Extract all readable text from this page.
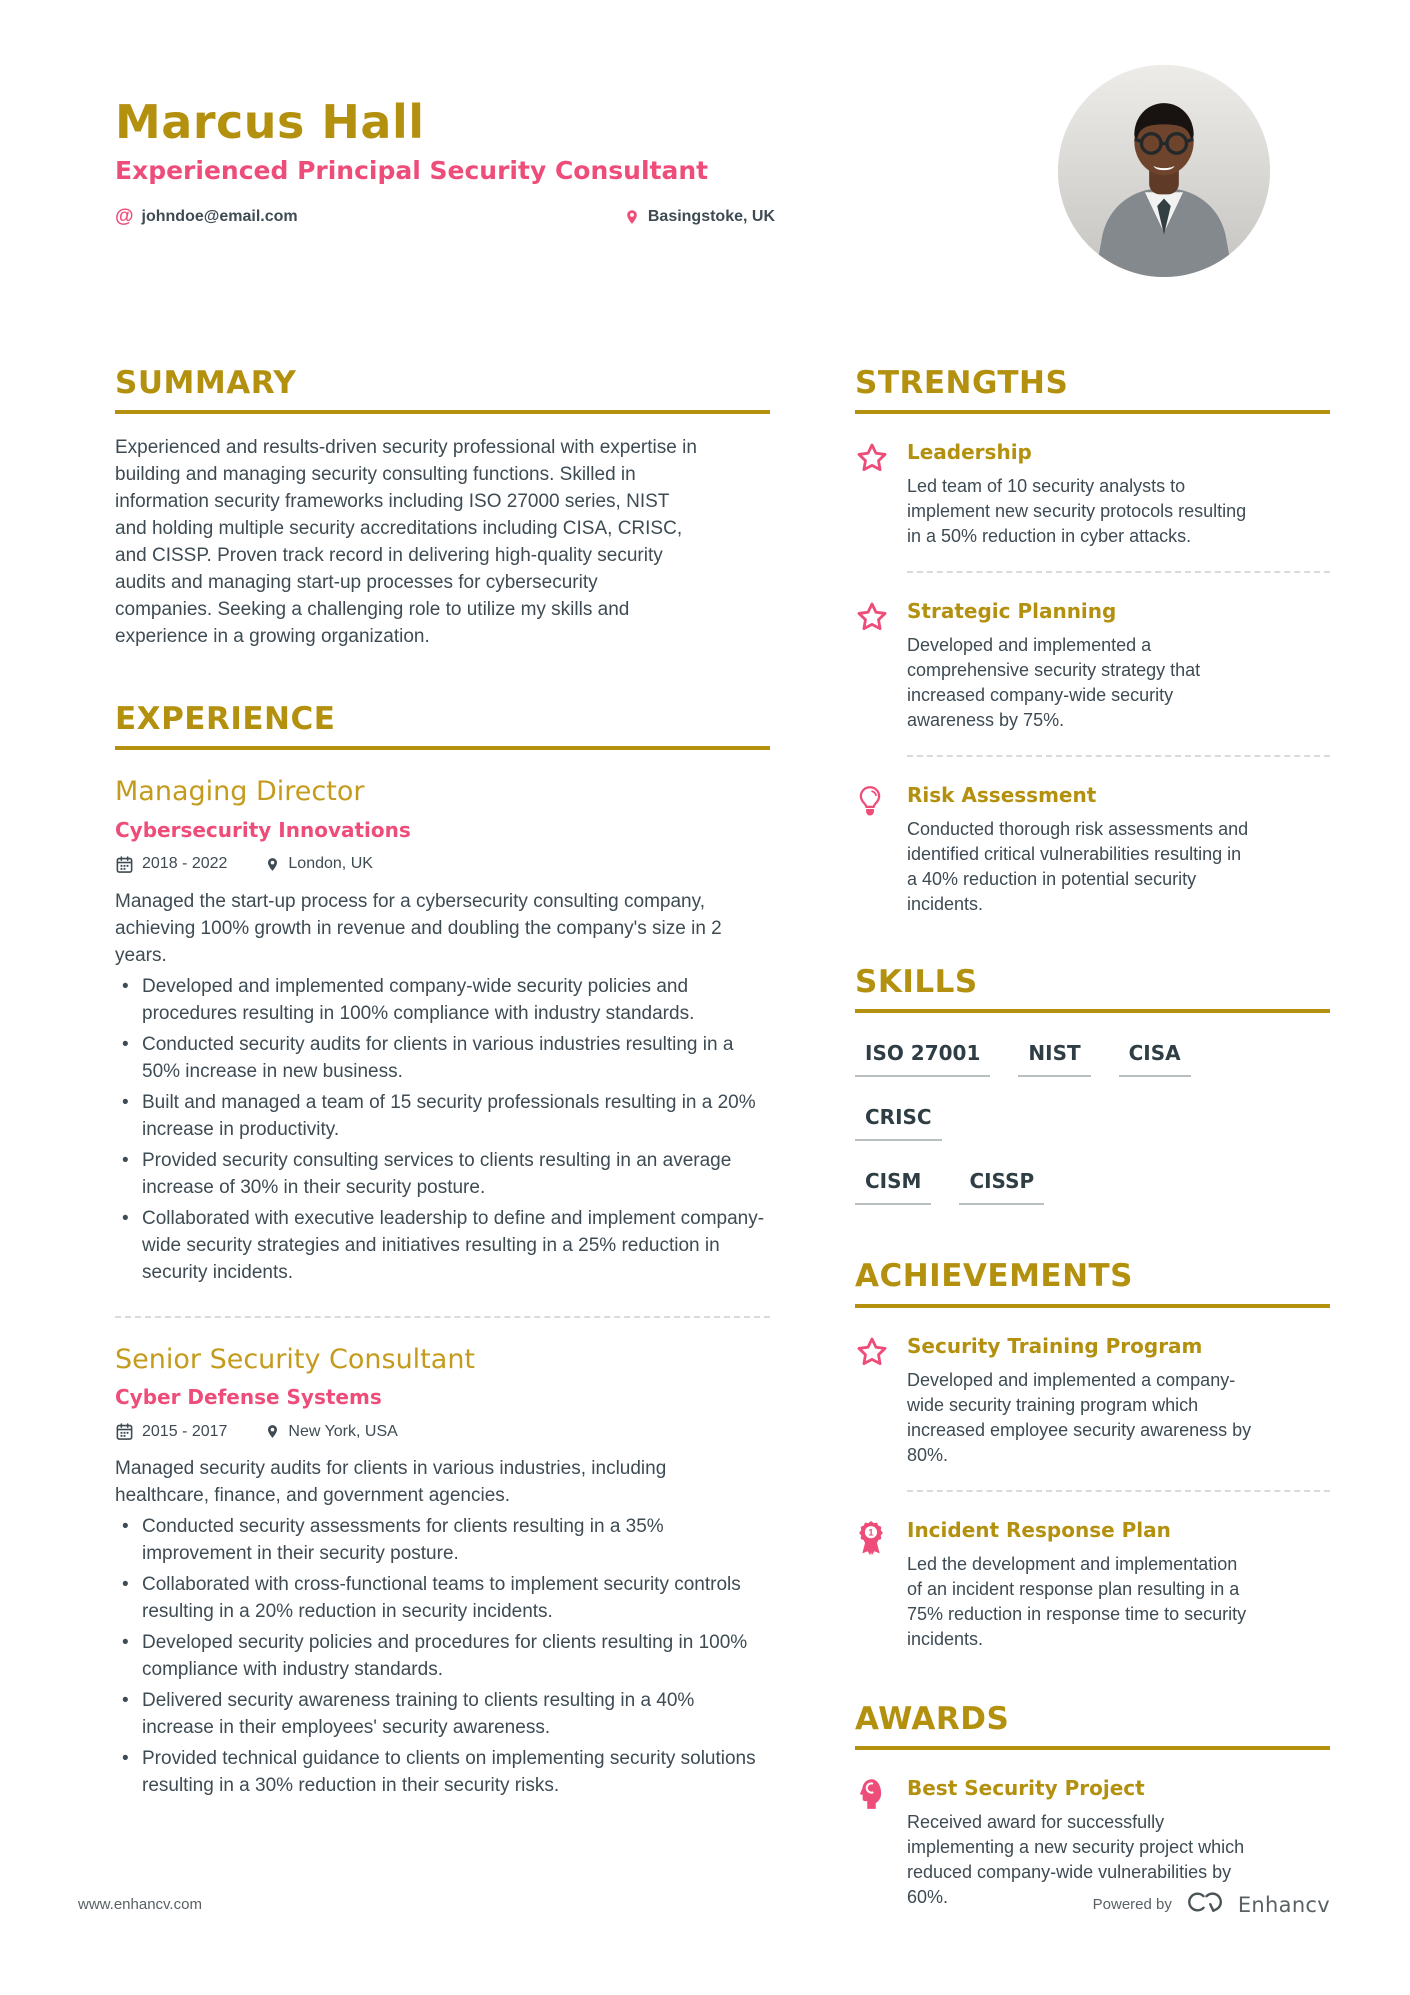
Marcus Hall
Experienced Principal Security Consultant
@ johndoe@email.com	Basingstoke, UK
SUMMARY

Experienced and results-driven security professional with expertise in building and managing security consulting functions. Skilled in information security frameworks including ISO 27000 series, NIST and holding multiple security accreditations including CISA, CRISC, and CISSP. Proven track record in delivering high-quality security audits and managing start-up processes for cybersecurity companies. Seeking a challenging role to utilize my skills and experience in a growing organization.

EXPERIENCE
Managing Director
Cybersecurity Innovations
2018 - 2022	London, UK

Managed the start-up process for a cybersecurity consulting company, achieving 100% growth in revenue and doubling the company's size in 2 years.

• Developed and implemented company-wide security policies and procedures resulting in 100% compliance with industry standards.
• Conducted security audits for clients in various industries resulting in a 50% increase in new business.
• Built and managed a team of 15 security professionals resulting in a 20% increase in productivity.
• Provided security consulting services to clients resulting in an average increase of 30% in their security posture.
• Collaborated with executive leadership to define and implement company-wide security strategies and initiatives resulting in a 25% reduction in security incidents.
Senior Security Consultant
Cyber Defense Systems
2015 - 2017	New York, USA

Managed security audits for clients in various industries, including healthcare, finance, and government agencies.

• Conducted security assessments for clients resulting in a 35% improvement in their security posture.
• Collaborated with cross-functional teams to implement security controls resulting in a 20% reduction in security incidents.
• Developed security policies and procedures for clients resulting in 100% compliance with industry standards.
• Delivered security awareness training to clients resulting in a 40% increase in their employees' security awareness.
• Provided technical guidance to clients on implementing security solutions resulting in a 30% reduction in their security risks.
STRENGTHS
Leadership

Led team of 10 security analysts to implement new security protocols resulting in a 50% reduction in cyber attacks.

Strategic Planning

Developed and implemented a comprehensive security strategy that increased company-wide security awareness by 75%.

Risk Assessment

Conducted thorough risk assessments and identified critical vulnerabilities resulting in a 40% reduction in potential security incidents.

SKILLS
ISO 27001	NIST	CISA
CRISC
CISM	CISSP
ACHIEVEMENTS
Security Training Program

Developed and implemented a company-wide security training program which increased employee security awareness by 80%.

1 Incident Response Plan

Led the development and implementation of an incident response plan resulting in a 75% reduction in response time to security incidents.

AWARDS
Best Security Project

Received award for successfully implementing a new security project which reduced company-wide vulnerabilities by 60%.

www.enhancv.com	Powered by	Enhancv
